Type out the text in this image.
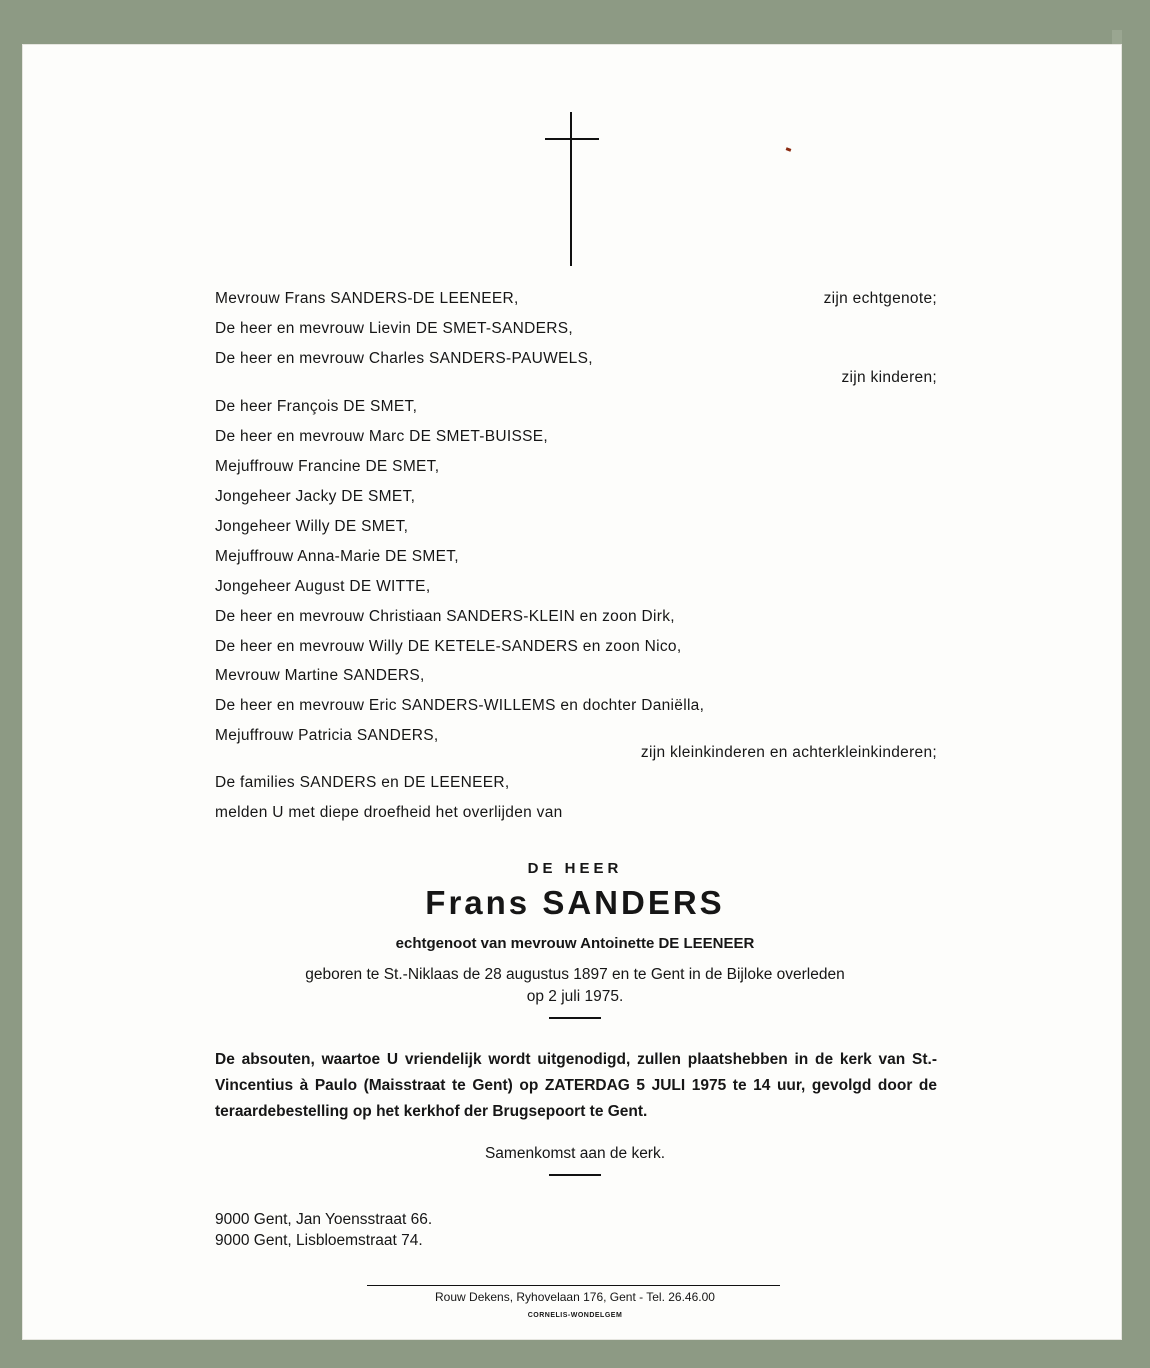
Mevrouw Frans SANDERS-DE LEENEER,	zijn echtgenote;
De heer en mevrouw Lievin DE SMET-SANDERS,
De heer en mevrouw Charles SANDERS-PAUWELS,
zijn kinderen;
De heer François DE SMET,
De heer en mevrouw Marc DE SMET-BUISSE,
Mejuffrouw Francine DE SMET,
Jongeheer Jacky DE SMET,
Jongeheer Willy DE SMET,
Mejuffrouw Anna-Marie DE SMET,
Jongeheer August DE WITTE,
De heer en mevrouw Christiaan SANDERS-KLEIN en zoon Dirk,
De heer en mevrouw Willy DE KETELE-SANDERS en zoon Nico,
Mevrouw Martine SANDERS,
De heer en mevrouw Eric SANDERS-WILLEMS en dochter Daniëlla,
Mejuffrouw Patricia SANDERS,
zijn kleinkinderen en achterkleinkinderen;
De families SANDERS en DE LEENEER,
melden U met diepe droefheid het overlijden van
DE HEER
Frans SANDERS
echtgenoot van mevrouw Antoinette DE LEENEER
geboren te St.-Niklaas de 28 augustus 1897 en te Gent in de Bijloke overleden
op 2 juli 1975.
De absouten, waartoe U vriendelijk wordt uitgenodigd, zullen plaatshebben in de kerk van St.-Vincentius à Paulo (Maisstraat te Gent) op ZATERDAG 5 JULI 1975 te 14 uur, gevolgd door de teraardebestelling op het kerkhof der Brugsepoort te Gent.
Samenkomst aan de kerk.
9000 Gent, Jan Yoensstraat 66.
9000 Gent, Lisbloemstraat 74.
Rouw Dekens, Ryhovelaan 176, Gent - Tel. 26.46.00
CORNELIS-WONDELGEM
